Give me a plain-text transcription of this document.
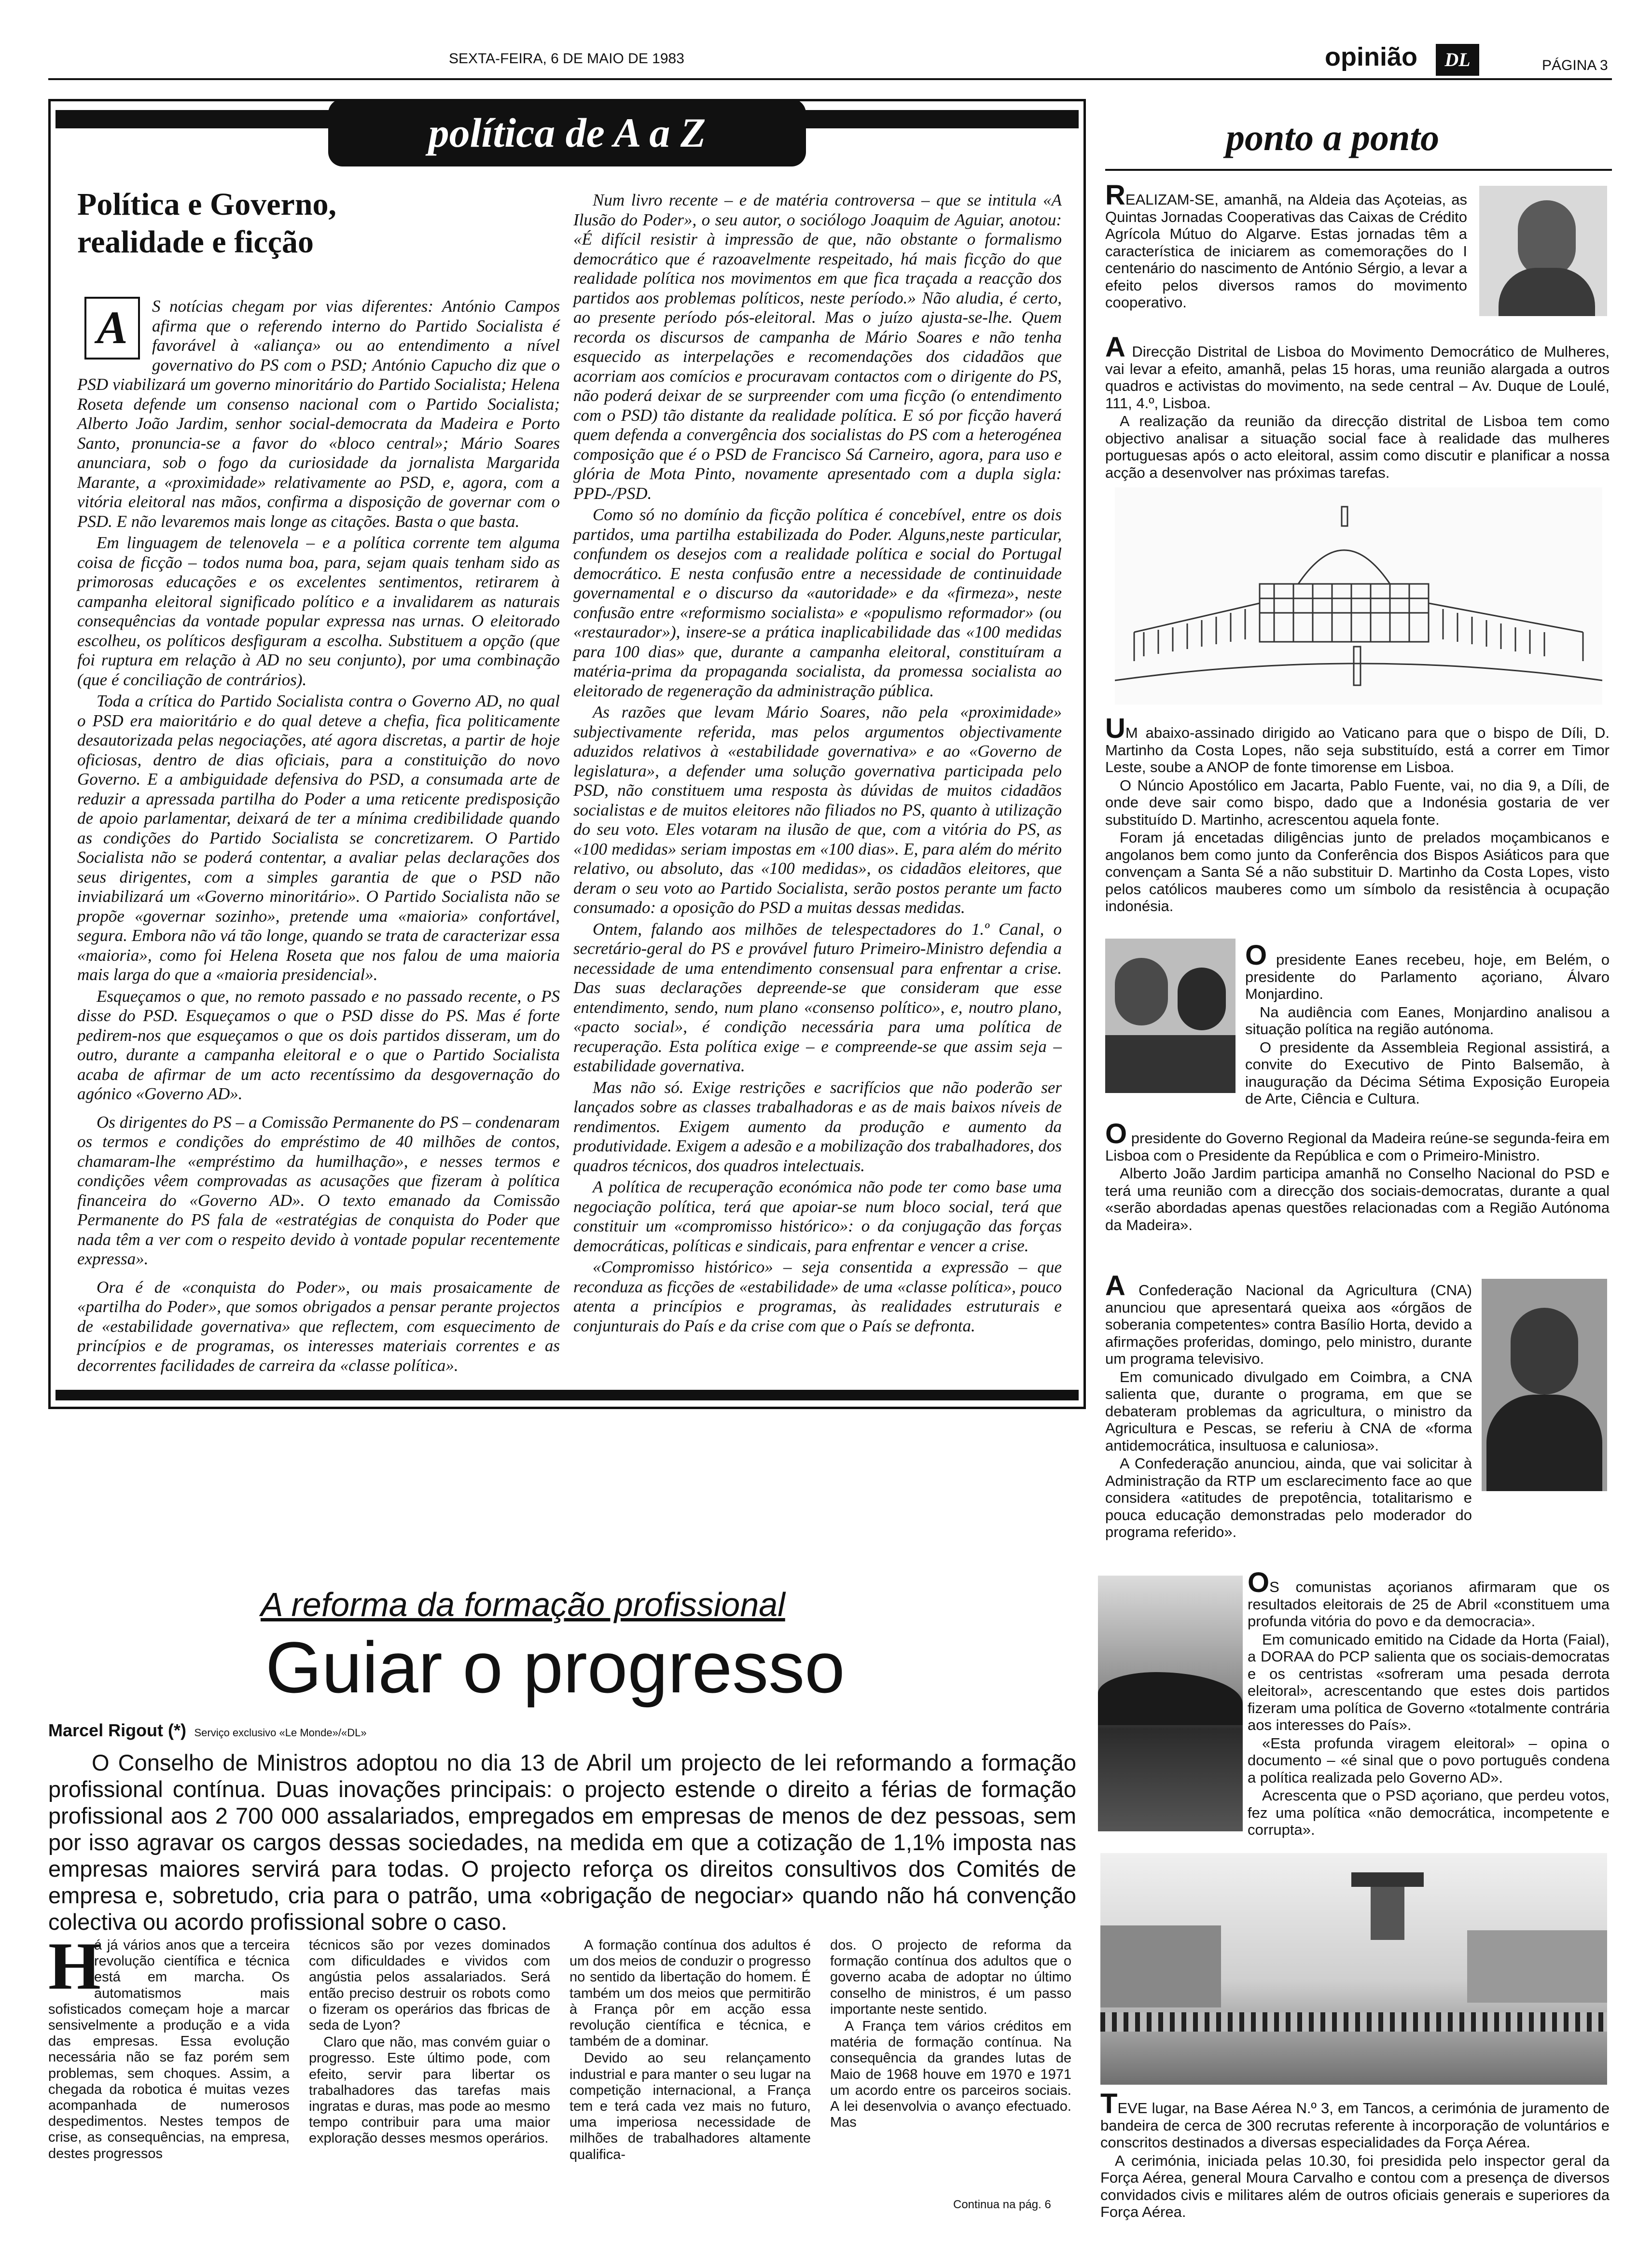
SEXTA-FEIRA, 6 DE MAIO DE 1983	opinião	DL	PÁGINA 3
política de A a Z
Política e Governo, realidade e ficção
A	S notícias chegam por vias diferentes: António Campos afirma que o referendo interno do Partido Socialista é favorável à «aliança» ou ao entendimento a nível governativo do PS com o PSD; António Capucho diz que o PSD viabilizará um governo minoritário do Partido Socialista; Helena Roseta defende um consenso nacional com o Partido Socialista; Alberto João Jardim, senhor social-democrata da Madeira e Porto Santo, pronuncia-se a favor do «bloco central»; Mário Soares anunciara, sob o fogo da curiosidade da jornalista Margarida Marante, a «proximidade» relativamente ao PSD, e, agora, com a vitória eleitoral nas mãos, confirma a disposição de governar com o PSD. E não levaremos mais longe as citações. Basta o que basta.

Em linguagem de telenovela – e a política corrente tem alguma coisa de ficção – todos numa boa, para, sejam quais tenham sido as primorosas educações e os excelentes sentimentos, retirarem à campanha eleitoral significado político e a invalidarem as naturais consequências da vontade popular expressa nas urnas. O eleitorado escolheu, os políticos desfiguram a escolha. Substituem a opção (que foi ruptura em relação à AD no seu conjunto), por uma combinação (que é conciliação de contrários).

Toda a crítica do Partido Socialista contra o Governo AD, no qual o PSD era maioritário e do qual deteve a chefia, fica politicamente desautorizada pelas negociações, até agora discretas, a partir de hoje oficiosas, dentro de dias oficiais, para a constituição do novo Governo. E a ambiguidade defensiva do PSD, a consumada arte de reduzir a apressada partilha do Poder a uma reticente predisposição de apoio parlamentar, deixará de ter a mínima credibilidade quando as condições do Partido Socialista se concretizarem. O Partido Socialista não se poderá contentar, a avaliar pelas declarações dos seus dirigentes, com a simples garantia de que o PSD não inviabilizará um «Governo minoritário». O Partido Socialista não se propõe «governar sozinho», pretende uma «maioria» confortável, segura. Embora não vá tão longe, quando se trata de caracterizar essa «maioria», como foi Helena Roseta que nos falou de uma maioria mais larga do que a «maioria presidencial».

Esqueçamos o que, no remoto passado e no passado recente, o PS disse do PSD. Esqueçamos o que o PSD disse do PS. Mas é forte pedirem-nos que esqueçamos o que os dois partidos disseram, um do outro, durante a campanha eleitoral e o que o Partido Socialista acaba de afirmar de um acto recentíssimo da desgovernação do agónico «Governo AD».

Os dirigentes do PS – a Comissão Permanente do PS – condenaram os termos e condições do empréstimo de 40 milhões de contos, chamaram-lhe «empréstimo da humilhação», e nesses termos e condições vêem comprovadas as acusações que fizeram à política financeira do «Governo AD». O texto emanado da Comissão Permanente do PS fala de «estratégias de conquista do Poder que nada têm a ver com o respeito devido à vontade popular recentemente expressa».

Ora é de «conquista do Poder», ou mais prosaicamente de «partilha do Poder», que somos obrigados a pensar perante projectos de «estabilidade governativa» que reflectem, com esquecimento de princípios e de programas, os interesses materiais correntes e as decorrentes facilidades de carreira da «classe política».

Num livro recente – e de matéria controversa – que se intitula «A Ilusão do Poder», o seu autor, o sociólogo Joaquim de Aguiar, anotou: «É difícil resistir à impressão de que, não obstante o formalismo democrático que é razoavelmente respeitado, há mais ficção do que realidade política nos movimentos em que fica traçada a reacção dos partidos aos problemas políticos, neste período.» Não aludia, é certo, ao presente período pós-eleitoral. Mas o juízo ajusta-se-lhe. Quem recorda os discursos de campanha de Mário Soares e não tenha esquecido as interpelações e recomendações dos cidadãos que acorriam aos comícios e procuravam contactos com o dirigente do PS, não poderá deixar de se surpreender com uma ficção (o entendimento com o PSD) tão distante da realidade política. E só por ficção haverá quem defenda a convergência dos socialistas do PS com a heterogénea composição que é o PSD de Francisco Sá Carneiro, agora, para uso e glória de Mota Pinto, novamente apresentado com a dupla sigla: PPD-/PSD.

Como só no domínio da ficção política é concebível, entre os dois partidos, uma partilha estabilizada do Poder. Alguns,neste particular, confundem os desejos com a realidade política e social do Portugal democrático. E nesta confusão entre a necessidade de continuidade governamental e o discurso da «autoridade» e da «firmeza», neste confusão entre «reformismo socialista» e «populismo reformador» (ou «restaurador»), insere-se a prática inaplicabilidade das «100 medidas para 100 dias» que, durante a campanha eleitoral, constituíram a matéria-prima da propaganda socialista, da promessa socialista ao eleitorado de regeneração da administração pública.

As razões que levam Mário Soares, não pela «proximidade» subjectivamente referida, mas pelos argumentos objectivamente aduzidos relativos à «estabilidade governativa» e ao «Governo de legislatura», a defender uma solução governativa participada pelo PSD, não constituem uma resposta às dúvidas de muitos cidadãos socialistas e de muitos eleitores não filiados no PS, quanto à utilização do seu voto. Eles votaram na ilusão de que, com a vitória do PS, as «100 medidas» seriam impostas em «100 dias». E, para além do mérito relativo, ou absoluto, das «100 medidas», os cidadãos eleitores, que deram o seu voto ao Partido Socialista, serão postos perante um facto consumado: a oposição do PSD a muitas dessas medidas.

Ontem, falando aos milhões de telespectadores do 1.º Canal, o secretário-geral do PS e provável futuro Primeiro-Ministro defendia a necessidade de uma entendimento consensual para enfrentar a crise. Das suas declarações depreende-se que consideram que esse entendimento, sendo, num plano «consenso político», e, noutro plano, «pacto social», é condição necessária para uma política de recuperação. Esta política exige – e compreende-se que assim seja – estabilidade governativa.

Mas não só. Exige restrições e sacrifícios que não poderão ser lançados sobre as classes trabalhadoras e as de mais baixos níveis de rendimentos. Exigem aumento da produção e aumento da produtividade. Exigem a adesão e a mobilização dos trabalhadores, dos quadros técnicos, dos quadros intelectuais.

A política de recuperação económica não pode ter como base uma negociação política, terá que apoiar-se num bloco social, terá que constituir um «compromisso histórico»: o da conjugação das forças democráticas, políticas e sindicais, para enfrentar e vencer a crise.

«Compromisso histórico» – seja consentida a expressão – que reconduza as ficções de «estabilidade» de uma «classe política», pouco atenta a princípios e programas, às realidades estruturais e conjunturais do País e da crise com que o País se defronta.

ponto a ponto

REALIZAM-SE, amanhã, na Aldeia das Açoteias, as Quintas Jornadas Cooperativas das Caixas de Crédito Agrícola Mútuo do Algarve. Estas jornadas têm a característica de iniciarem as comemorações do I centenário do nascimento de António Sérgio, a levar a efeito pelos diversos ramos do movimento cooperativo.

A Direcção Distrital de Lisboa do Movimento Democrático de Mulheres, vai levar a efeito, amanhã, pelas 15 horas, uma reunião alargada a outros quadros e activistas do movimento, na sede central – Av. Duque de Loulé, 111, 4.º, Lisboa.

A realização da reunião da direcção distrital de Lisboa tem como objectivo analisar a situação social face à realidade das mulheres portuguesas após o acto eleitoral, assim como discutir e planificar a nossa acção a desenvolver nas próximas tarefas.

UM abaixo-assinado dirigido ao Vaticano para que o bispo de Díli, D. Martinho da Costa Lopes, não seja substituído, está a correr em Timor Leste, soube a ANOP de fonte timorense em Lisboa.

O Núncio Apostólico em Jacarta, Pablo Fuente, vai, no dia 9, a Díli, de onde deve sair como bispo, dado que a Indonésia gostaria de ver substituído D. Martinho, acrescentou aquela fonte.

Foram já encetadas diligências junto de prelados moçambicanos e angolanos bem como junto da Conferência dos Bispos Asiáticos para que convençam a Santa Sé a não substituir D. Martinho da Costa Lopes, visto pelos católicos mauberes como um símbolo da resistência à ocupação indonésia.

O presidente Eanes recebeu, hoje, em Belém, o presidente do Parlamento açoriano, Álvaro Monjardino.

Na audiência com Eanes, Monjardino analisou a situação política na região autónoma.

O presidente da Assembleia Regional assistirá, a convite do Executivo de Pinto Balsemão, à inauguração da Décima Sétima Exposição Europeia de Arte, Ciência e Cultura.

O presidente do Governo Regional da Madeira reúne-se segunda-feira em Lisboa com o Presidente da República e com o Primeiro-Ministro.

Alberto João Jardim participa amanhã no Conselho Nacional do PSD e terá uma reunião com a direcção dos sociais-democratas, durante a qual «serão abordadas apenas questões relacionadas com a Região Autónoma da Madeira».

A Confederação Nacional da Agricultura (CNA) anunciou que apresentará queixa aos «órgãos de soberania competentes» contra Basílio Horta, devido a afirmações proferidas, domingo, pelo ministro, durante um programa televisivo.

Em comunicado divulgado em Coimbra, a CNA salienta que, durante o programa, em que se debateram problemas da agricultura, o ministro da Agricultura e Pescas, se referiu à CNA de «forma antidemocrática, insultuosa e caluniosa».

A Confederação anunciou, ainda, que vai solicitar à Administração da RTP um esclarecimento face ao que considera «atitudes de prepotência, totalitarismo e pouca educação demonstradas pelo moderador do programa referido».

OS comunistas açorianos afirmaram que os resultados eleitorais de 25 de Abril «constituem uma profunda vitória do povo e da democracia».

Em comunicado emitido na Cidade da Horta (Faial), a DORAA do PCP salienta que os sociais-democratas e os centristas «sofreram uma pesada derrota eleitoral», acrescentando que estes dois partidos fizeram uma política de Governo «totalmente contrária aos interesses do País».

«Esta profunda viragem eleitoral» – opina o documento – «é sinal que o povo português condena a política realizada pelo Governo AD».

Acrescenta que o PSD açoriano, que perdeu votos, fez uma política «não democrática, incompetente e corrupta».

TEVE lugar, na Base Aérea N.º 3, em Tancos, a cerimónia de juramento de bandeira de cerca de 300 recrutas referente à incorporação de voluntários e conscritos destinados a diversas especialidades da Força Aérea.

A cerimónia, iniciada pelas 10.30, foi presidida pelo inspector geral da Força Aérea, general Moura Carvalho e contou com a presença de diversos convidados civis e militares além de outros oficiais generais e superiores da Força Aérea.

A reforma da formação profissional
Guiar o progresso
Marcel Rigout (*) Serviço exclusivo «Le Monde»/«DL»
O Conselho de Ministros adoptou no dia 13 de Abril um projecto de lei reformando a formação profissional contínua. Duas inovações principais: o projecto estende o direito a férias de formação profissional aos 2 700 000 assalariados, empregados em empresas de menos de dez pessoas, sem por isso agravar os cargos dessas sociedades, na medida em que a cotização de 1,1% imposta nas empresas maiores servirá para todas. O projecto reforça os direitos consultivos dos Comités de empresa e, sobretudo, cria para o patrão, uma «obrigação de negociar» quando não há convenção colectiva ou acordo profissional sobre o caso.
H

á já vários anos que a terceira revolução científica e técnica está em marcha. Os automatismos mais sofisticados começam hoje a marcar sensivelmente a produção e a vida das empresas. Essa evolução necessária não se faz porém sem problemas, sem choques. Assim, a chegada da robotica é muitas vezes acompanhada de numerosos despedimentos. Nestes tempos de crise, as consequências, na empresa, destes progressos

técnicos são por vezes dominados com dificuldades e vividos com angústia pelos assalariados. Será então preciso destruir os robots como o fizeram os operários das fbricas de seda de Lyon?

Claro que não, mas convém guiar o progresso. Este último pode, com efeito, servir para libertar os trabalhadores das tarefas mais ingratas e duras, mas pode ao mesmo tempo contribuir para uma maior exploração desses mesmos operários.

A formação contínua dos adultos é um dos meios de conduzir o progresso no sentido da libertação do homem. É também um dos meios que permitirão à França pôr em acção essa revolução científica e técnica, e também de a dominar.

Devido ao seu relançamento industrial e para manter o seu lugar na competição internacional, a França tem e terá cada vez mais no futuro, uma imperiosa necessidade de milhões de trabalhadores altamente qualifica-

dos. O projecto de reforma da formação contínua dos adultos que o governo acaba de adoptar no último conselho de ministros, é um passo importante neste sentido.

A França tem vários créditos em matéria de formação contínua. Na consequência da grandes lutas de Maio de 1968 houve em 1970 e 1971 um acordo entre os parceiros sociais. A lei desenvolvia o avanço efectuado. Mas

Continua na pág. 6
